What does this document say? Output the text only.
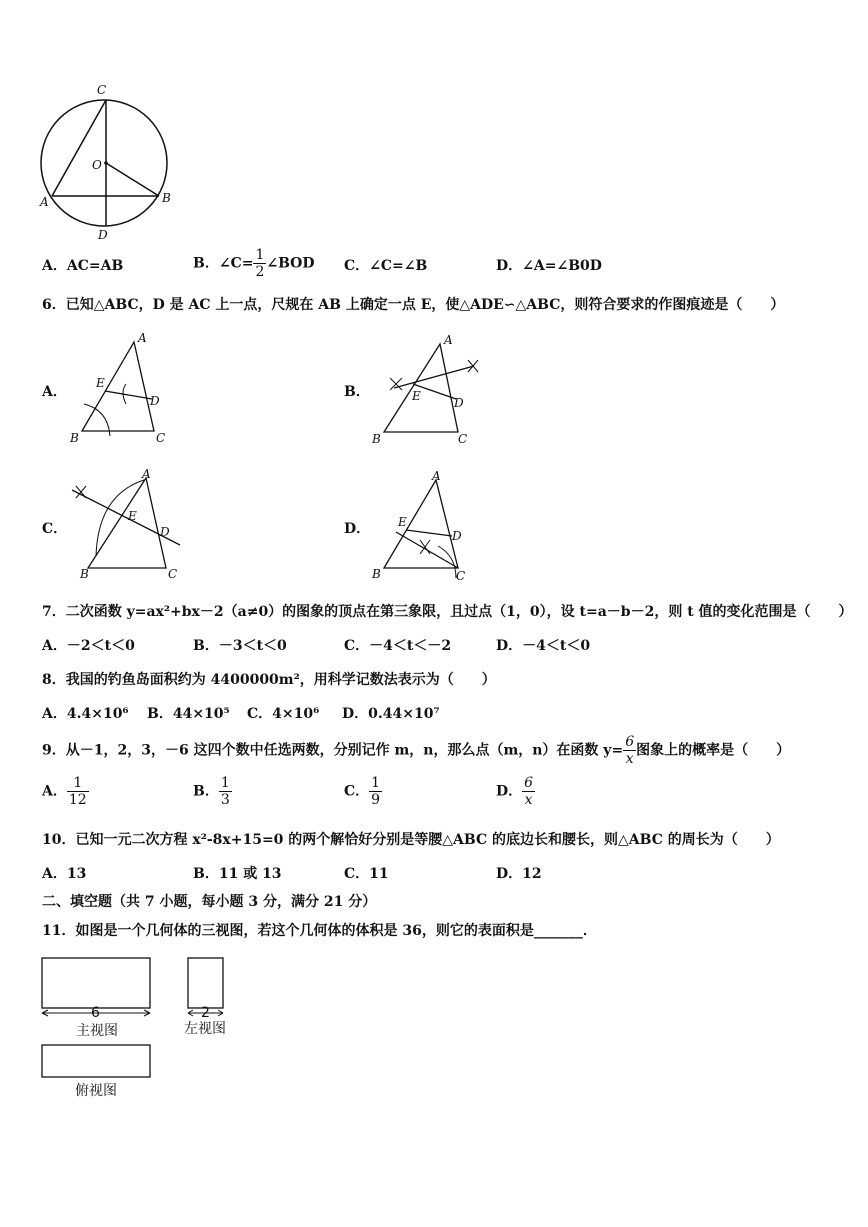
C
O
A	B
D
A．AC=AB	B．∠C= $\frac{1}{2}$ ∠BOD C．∠C=∠B	D．∠A=∠B0D
6．已知△ABC，D 是 AC 上一点，尺规在 AB 上确定一点 E，使△ADE∽△ABC，则符合要求的作图痕迹是（　　）
A．
A
E
D
B	C
B．
A
E	D
B	C
C．
A
E
D
B	C
D．
A
E
D
B	C
7．二次函数 y=ax²+bx－2（a≠0）的图象的顶点在第三象限，且过点（1，0），设 t=a－b－2，则 t 值的变化范围是（　　）
A．－2＜t＜0	B．－3＜t＜0	C．－4＜t＜－2	D．－4＜t＜0
8．我国的钓鱼岛面积约为 4400000m²，用科学记数法表示为（　　）
A．4.4×10⁶ B．44×10⁵ C．4×10⁶ D．0.44×10⁷
9．从－1，2，3，－6 这四个数中任选两数，分别记作 m，n，那么点（m，n）在函数 $y= \frac{6}{x}$ 图象上的概率是（　　）
A． $\frac{1}{12}$	B． $\frac{1}{3}$	C． $\frac{1}{9}$	D． $\frac{6}{x}$
10．已知一元二次方程 x²-8x+15=0 的两个解恰好分别是等腰△ABC 的底边长和腰长，则△ABC 的周长为（　　）
A．13	B．11 或 13	C．11	D．12
二、填空题（共 7 小题，每小题 3 分，满分 21 分）
11．如图是一个几何体的三视图，若这个几何体的体积是 36，则它的表面积是_______．
6
主视图
2
左视图
俯视图
